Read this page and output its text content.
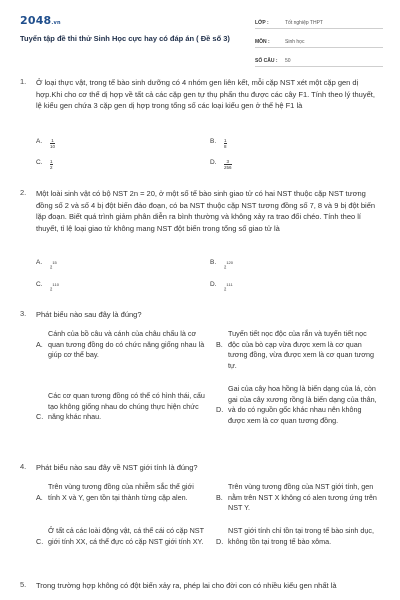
2048.vn
Tuyển tập đề thi thử Sinh Học cực hay có đáp án ( Đề số 3)
LỚP :	Tốt nghiệp THPT
MÔN :	Sinh học
SỐ CÂU :	50
1. Ở loại thực vật, trong tế bào sinh dưỡng có 4 nhóm gen liên kết, mỗi cặp NST xét một cặp gen dị hợp.Khi cho cơ thể dị hợp về tất cả các cặp gen tự thụ phấn thu được các cây F1. Tính theo lý thuyết, lệ kiểu gen chứa 3 cặp gen dị hợp trong tổng số các loại kiểu gen ở thế hệ F1 là
A.	$\frac{1}{10}$	B.	$\frac{1}{8}$
C.	$\frac{1}{2}$	D.	$\frac{3}{256}$
2. Một loài sinh vật có bộ NST 2n = 20, ở một số tế bào sinh giao tử có hai NST thuộc cặp NST tương đồng số 2 và số 4 bị đột biến đảo đoạn, có ba NST thuộc cặp NST tương đồng số 7, 8 và 9 bị đột biến lặp đoạn. Biết quá trình giảm phân diễn ra bình thường và không xảy ra trao đổi chéo. Tính theo lí thuyết, tỉ lệ loại giao tử không mang NST đột biến trong tổng số giao tử là
A.
$_2^{15}$	B.
$_2^{120}$
C.
$_2^{110}$	D.
$_2^{111}$
3. Phát biểu nào sau đây là đúng?
A.
Cánh của bồ câu và cánh của châu chấu là cơ quan tương đồng do có chức năng giống nhau là giúp cơ thể bay.
B.
Tuyến tiết nọc độc của rắn và tuyến tiết nọc độc của bò cạp vừa được xem là cơ quan tương đồng, vừa được xem là cơ quan tương tự.
C.
Các cơ quan tương đồng có thể có hình thái, cấu tạo không giống nhau do chúng thực hiện chức năng khác nhau.
D.
Gai của cây hoa hồng là biến dạng của lá, còn gai của cây xương rồng là biến dạng của thân, và do có nguồn gốc khác nhau nên không được xem là cơ quan tương đồng.
4. Phát biểu nào sau đây về NST giới tính là đúng?
A.
Trên vùng tương đồng của nhiễm sắc thể giới tính X và Y, gen tồn tại thành từng cặp alen.	B.
Trên vùng tương đồng của NST giới tính, gen nằm trên NST X không có alen tương ứng trên NST Y.
C.
Ở tất cả các loài động vật, cá thể cái có cặp NST giới tính XX, cá thể đực có cặp NST giới tính XY.	D.
NST giới tính chỉ tồn tại trong tế bào sinh dục, không tồn tại trong tế bào xôma.
5. Trong trường hợp không có đột biến xảy ra, phép lai cho đời con có nhiều kiểu gen nhất là
